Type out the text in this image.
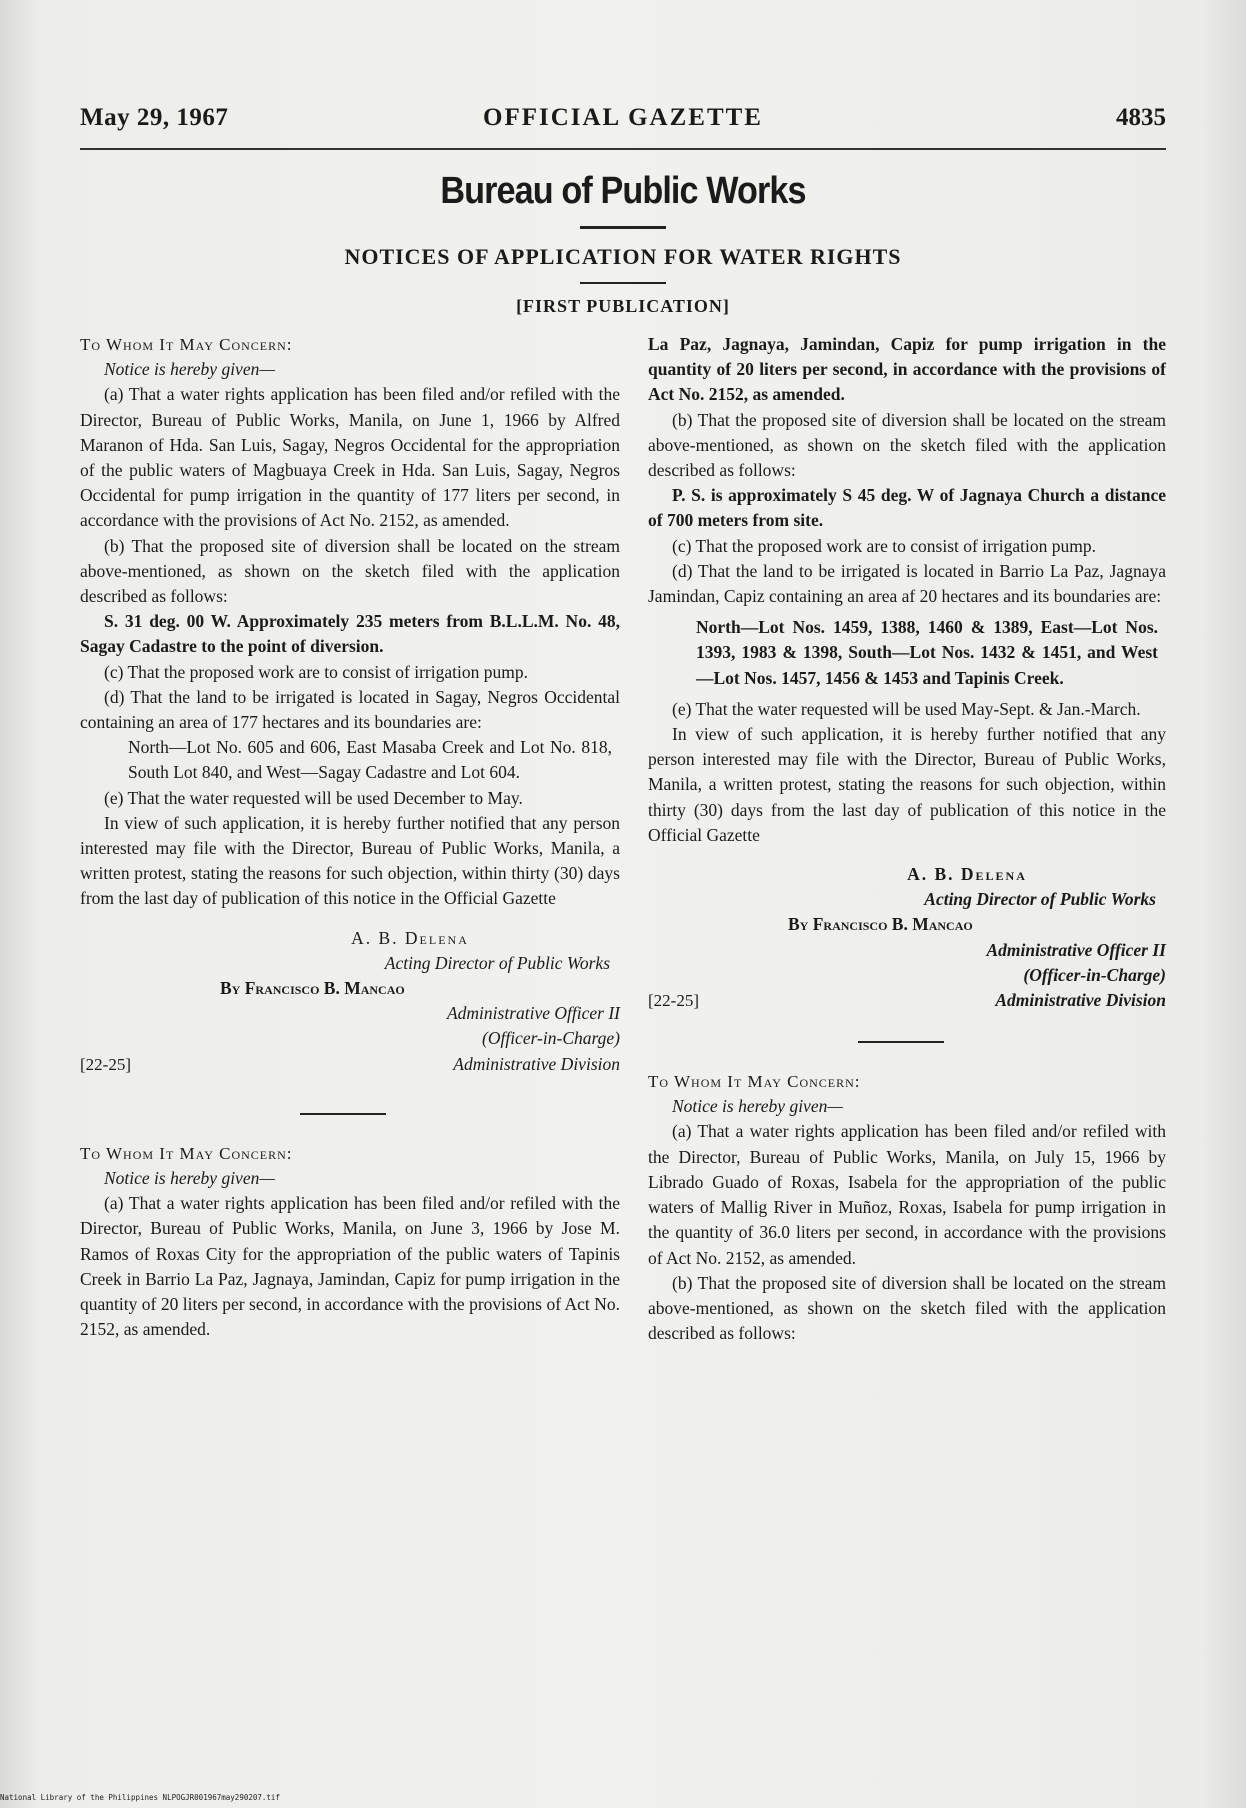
May 29, 1967	OFFICIAL GAZETTE	4835
Bureau of Public Works
NOTICES OF APPLICATION FOR WATER RIGHTS
[FIRST PUBLICATION]

To Whom It May Concern:

Notice is hereby given—

(a) That a water rights application has been filed and/or refiled with the Director, Bureau of Public Works, Manila, on June 1, 1966 by Alfred Maranon of Hda. San Luis, Sagay, Negros Occidental for the appropriation of the public waters of Magbuaya Creek in Hda. San Luis, Sagay, Negros Occidental for pump irrigation in the quantity of 177 liters per second, in accordance with the provisions of Act No. 2152, as amended.

(b) That the proposed site of diversion shall be located on the stream above-mentioned, as shown on the sketch filed with the application described as follows:

S. 31 deg. 00 W. Approximately 235 meters from B.L.L.M. No. 48, Sagay Cadastre to the point of diversion.

(c) That the proposed work are to consist of irrigation pump.

(d) That the land to be irrigated is located in Sagay, Negros Occidental containing an area of 177 hectares and its boundaries are:

North—Lot No. 605 and 606, East Masaba Creek and Lot No. 818, South Lot 840, and West—Sagay Cadastre and Lot 604.

(e) That the water requested will be used December to May.

In view of such application, it is hereby further notified that any person interested may file with the Director, Bureau of Public Works, Manila, a written protest, stating the reasons for such objection, within thirty (30) days from the last day of publication of this notice in the Official Gazette

A. B. Delena

Acting Director of Public Works

By Francisco B. Mancao

Administrative Officer II

(Officer-in-Charge)

[22-25]	Administrative Division

To Whom It May Concern:

Notice is hereby given—

(a) That a water rights application has been filed and/or refiled with the Director, Bureau of Public Works, Manila, on June 3, 1966 by Jose M. Ramos of Roxas City for the appropriation of the public waters of Tapinis Creek in Barrio La Paz, Jagnaya, Jamindan, Capiz for pump irrigation in the quantity of 20 liters per second, in accordance with the provisions of Act No. 2152, as amended.

La Paz, Jagnaya, Jamindan, Capiz for pump irrigation in the quantity of 20 liters per second, in accordance with the provisions of Act No. 2152, as amended.

(b) That the proposed site of diversion shall be located on the stream above-mentioned, as shown on the sketch filed with the application described as follows:

P. S. is approximately S 45 deg. W of Jagnaya Church a distance of 700 meters from site.

(c) That the proposed work are to consist of irrigation pump.

(d) That the land to be irrigated is located in Barrio La Paz, Jagnaya Jamindan, Capiz containing an area af 20 hectares and its boundaries are:

North—Lot Nos. 1459, 1388, 1460 & 1389, East—Lot Nos. 1393, 1983 & 1398, South—Lot Nos. 1432 & 1451, and West—Lot Nos. 1457, 1456 & 1453 and Tapinis Creek.

(e) That the water requested will be used May-Sept. & Jan.-March.

In view of such application, it is hereby further notified that any person interested may file with the Director, Bureau of Public Works, Manila, a written protest, stating the reasons for such objection, within thirty (30) days from the last day of publication of this notice in the Official Gazette

A. B. Delena

Acting Director of Public Works

By Francisco B. Mancao

Administrative Officer II

(Officer-in-Charge)

[22-25]	Administrative Division

To Whom It May Concern:

Notice is hereby given—

(a) That a water rights application has been filed and/or refiled with the Director, Bureau of Public Works, Manila, on July 15, 1966 by Librado Guado of Roxas, Isabela for the appropriation of the public waters of Mallig River in Muñoz, Roxas, Isabela for pump irrigation in the quantity of 36.0 liters per second, in accordance with the provisions of Act No. 2152, as amended.

(b) That the proposed site of diversion shall be located on the stream above-mentioned, as shown on the sketch filed with the application described as follows:

National Library of the Philippines NLPOGJR001967may290207.tif
